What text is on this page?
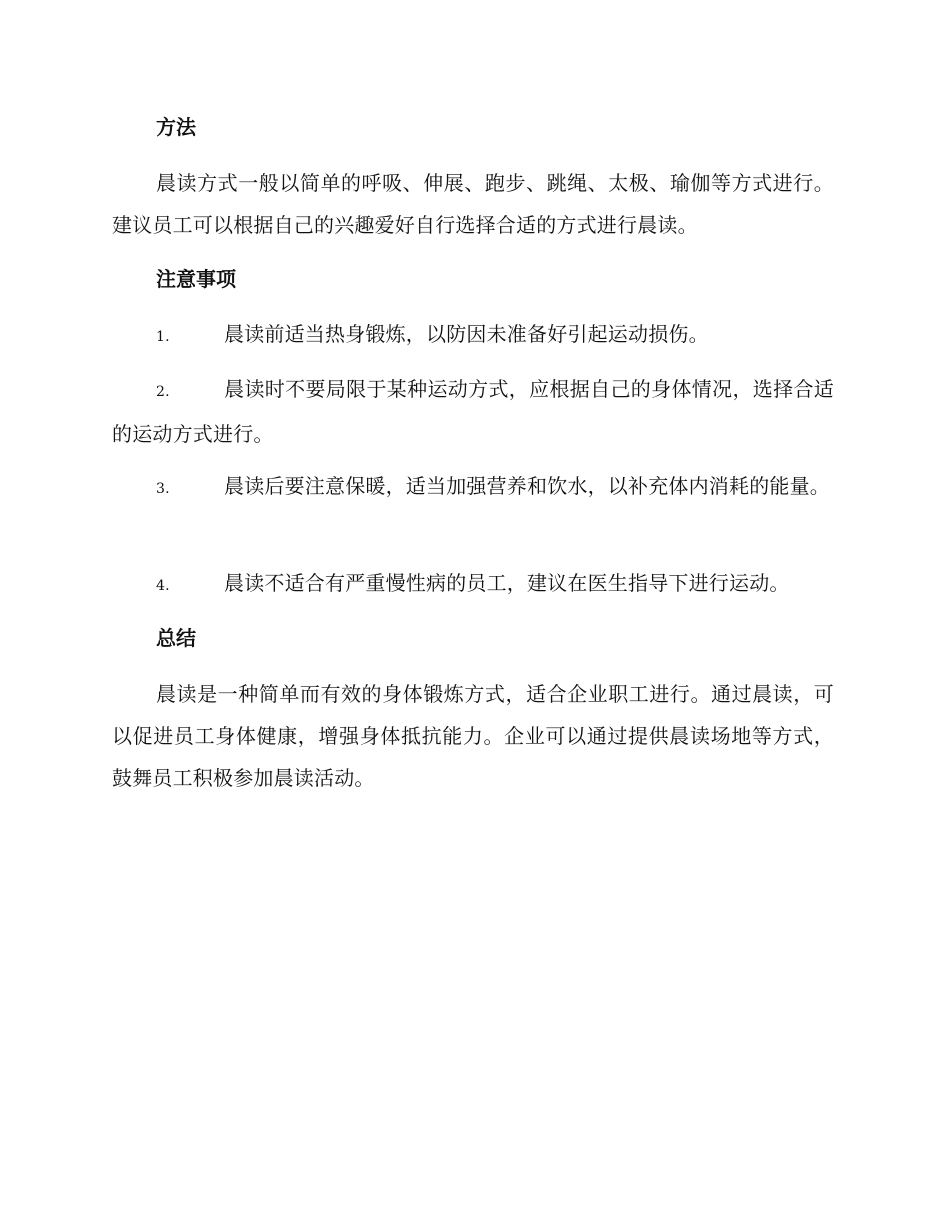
方法
晨读方式一般以简单的呼吸、伸展、跑步、跳绳、太极、瑜伽等方式进行。建议员工可以根据自己的兴趣爱好自行选择合适的方式进行晨读。
注意事项
1.	晨读前适当热身锻炼，以防因未准备好引起运动损伤。
2.	晨读时不要局限于某种运动方式，应根据自己的身体情况，选择合适的运动方式进行。
3.	晨读后要注意保暖，适当加强营养和饮水，以补充体内消耗的能量。
4.	晨读不适合有严重慢性病的员工，建议在医生指导下进行运动。
总结
晨读是一种简单而有效的身体锻炼方式，适合企业职工进行。通过晨读，可以促进员工身体健康，增强身体抵抗能力。企业可以通过提供晨读场地等方式，鼓舞员工积极参加晨读活动。
